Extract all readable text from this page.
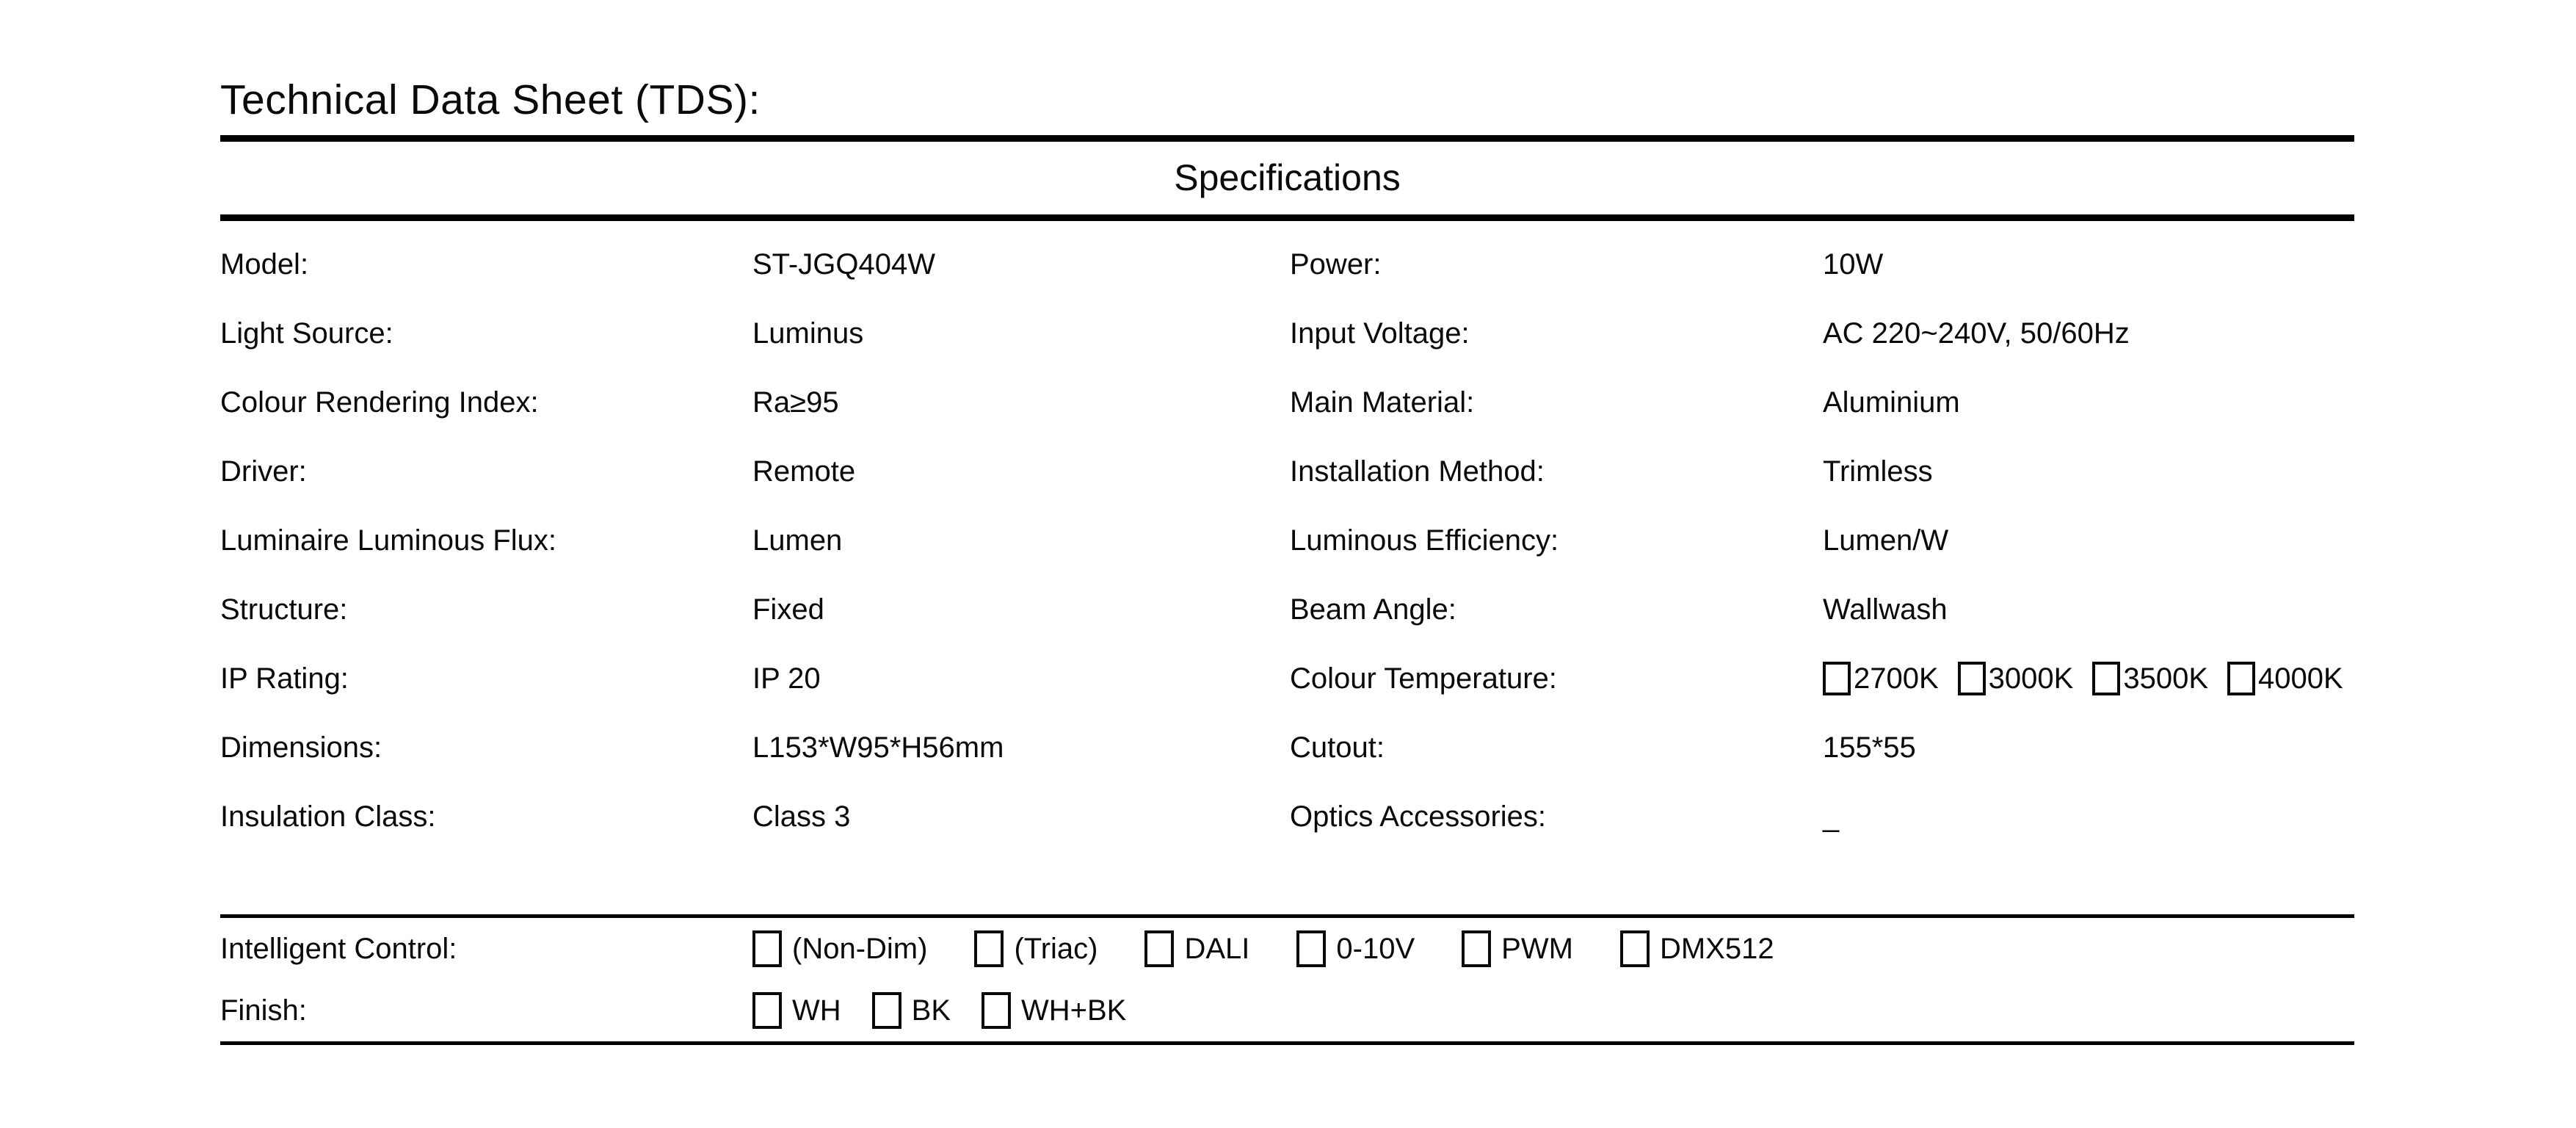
Technical Data Sheet (TDS):
Specifications
Model:	ST-JGQ404W	Power:	10W
Light Source:	Luminus	Input Voltage:	AC 220~240V, 50/60Hz
Colour Rendering Index:	Ra≥95	Main Material:	Aluminium
Driver:	Remote	Installation Method:	Trimless
Luminaire Luminous Flux:	Lumen	Luminous Efficiency:	Lumen/W
Structure:	Fixed	Beam Angle:	Wallwash
IP Rating:	IP 20	Colour Temperature:	2700K 3000K 3500K 4000K
Dimensions:	L153*W95*H56mm	Cutout:	155*55
Insulation Class:	Class 3	Optics Accessories:	_
Intelligent Control:	(Non-Dim)	(Triac)	DALI	0-10V	PWM	DMX512
Finish:	WH BK WH+BK
